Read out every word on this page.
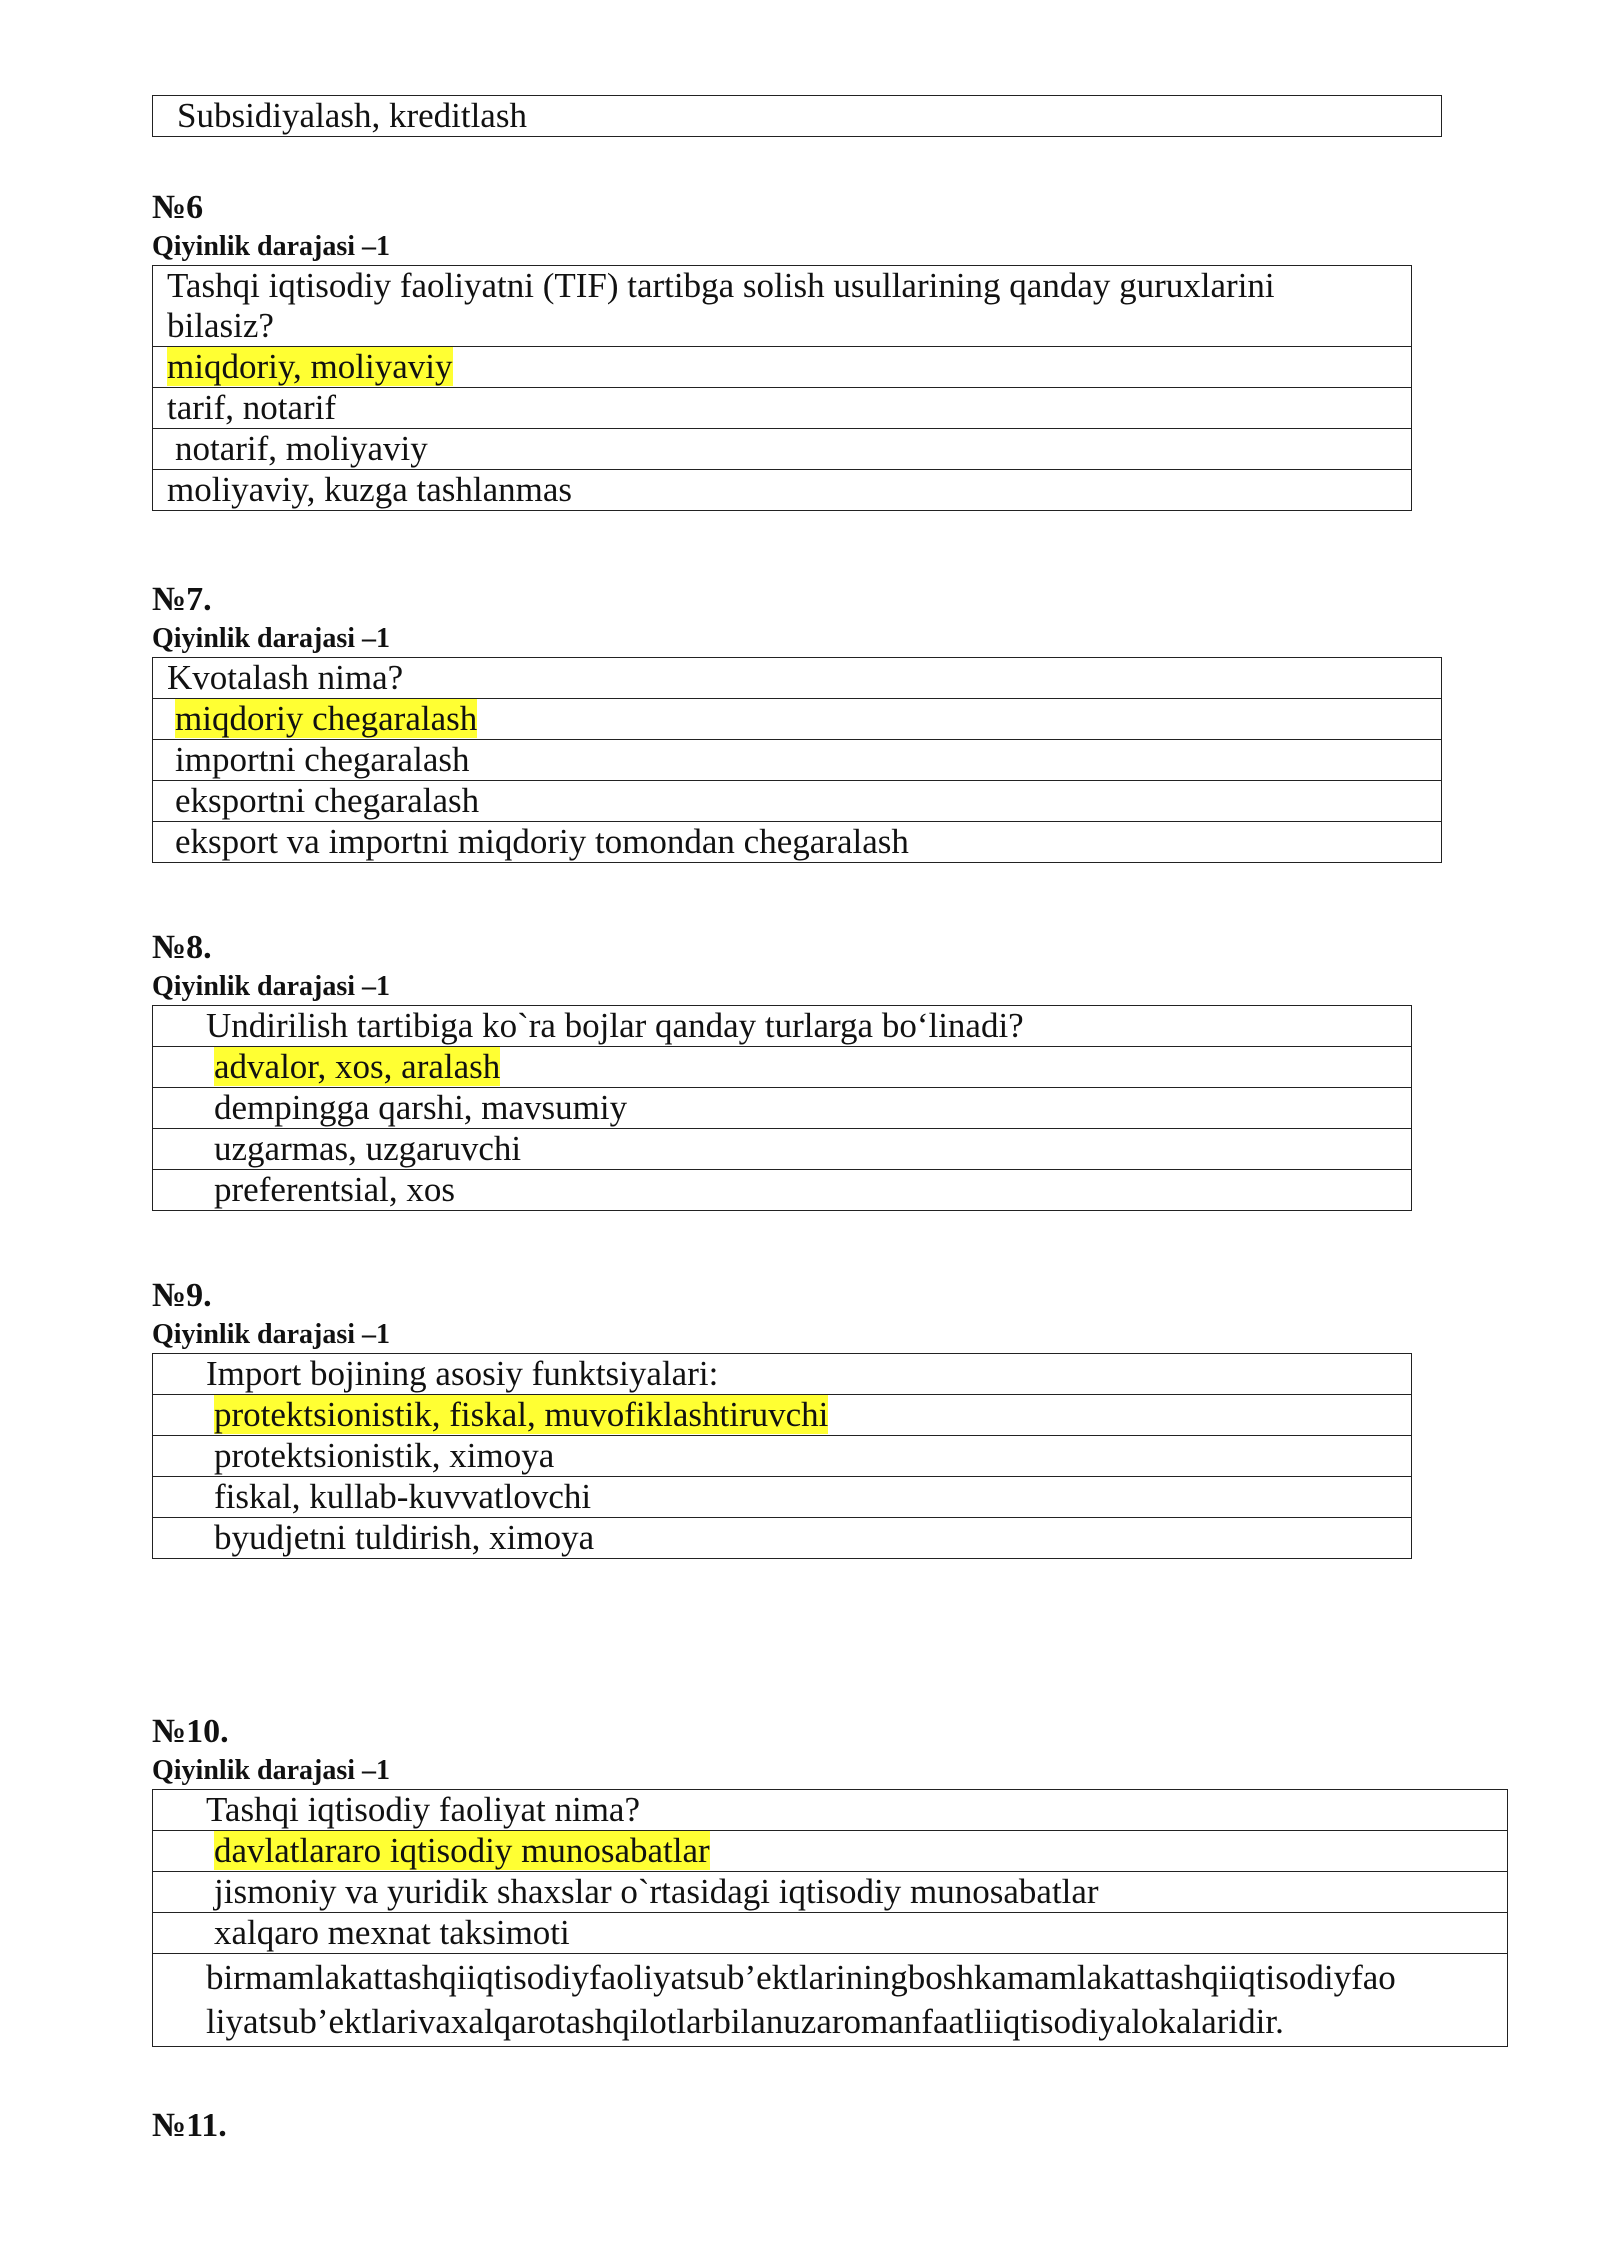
Subsidiyalash, kreditlash
№6
Qiyinlik darajasi –1
Tashqi iqtisodiy faoliyatni (TIF) tartibga solish usullarining qanday guruxlarini
bilasiz?

miqdoriy, moliyaviy
tarif, notarif
notarif, moliyaviy
moliyaviy, kuzga tashlanmas
№7.
Qiyinlik darajasi –1
Kvotalash nima?
miqdoriy chegaralash
importni chegaralash
eksportni chegaralash
eksport va importni miqdoriy tomondan chegaralash
№8.
Qiyinlik darajasi –1
Undirilish tartibiga ko`ra bojlar qanday turlarga bo‘linadi?
advalor, xos, aralash
dempingga qarshi, mavsumiy
uzgarmas, uzgaruvchi
preferentsial, xos
№9.
Qiyinlik darajasi –1
Import bojining asosiy funktsiyalari:
protektsionistik, fiskal, muvofiklashtiruvchi
protektsionistik, ximoya
fiskal, kullab-kuvvatlovchi
byudjetni tuldirish, ximoya
№10.
Qiyinlik darajasi –1
Tashqi iqtisodiy faoliyat nima?
davlatlararo iqtisodiy munosabatlar
jismoniy va yuridik shaxslar o`rtasidagi iqtisodiy munosabatlar
xalqaro mexnat taksimoti

birmamlakattashqiiqtisodiyfaoliyatsub’ektlariningboshkamamlakattashqiiqtisodiyfao
liyatsub’ektlarivaxalqarotashqilotlarbilanuzaromanfaatliiqtisodiyalokalaridir.
№11.
